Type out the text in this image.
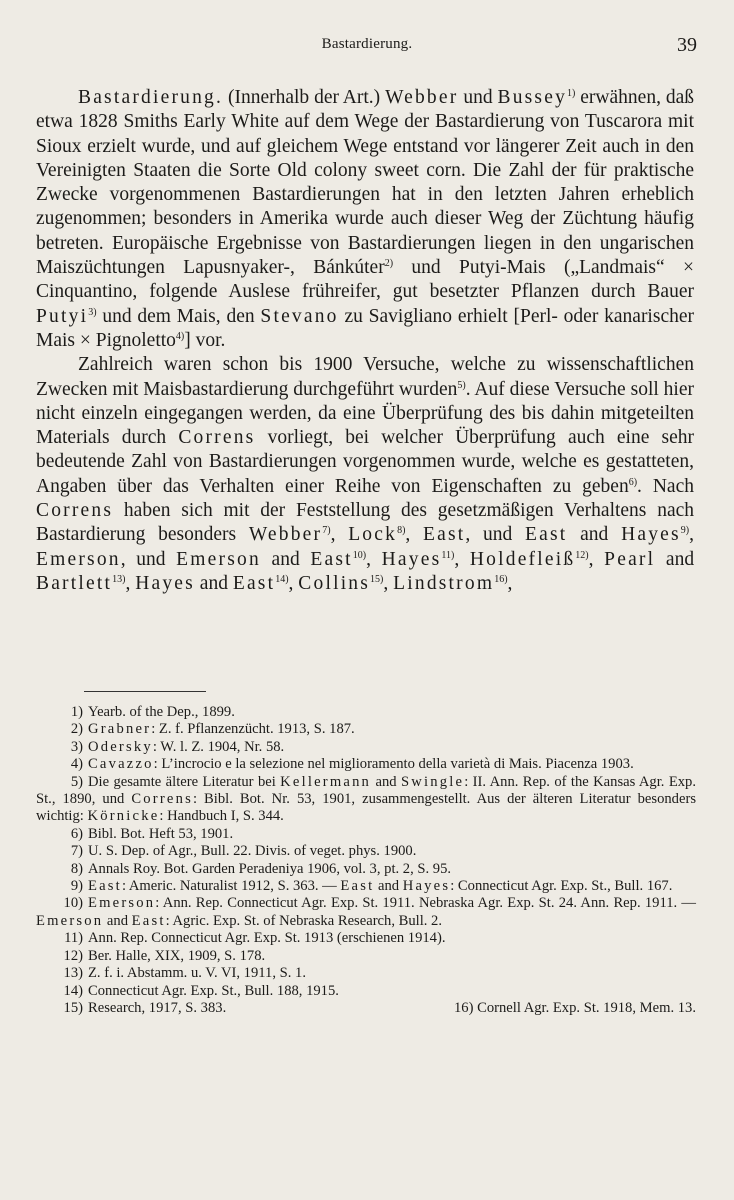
Bastardierung.	39

Bastardierung. (Innerhalb der Art.) Webber und Bussey$^{1)}$ erwähnen, daß etwa 1828 Smiths Early White auf dem Wege der Bastardierung von Tuscarora mit Sioux erzielt wurde, und auf gleichem Wege entstand vor längerer Zeit auch in den Vereinigten Staaten die Sorte Old colony sweet corn. Die Zahl der für praktische Zwecke vorgenommenen Bastardierungen hat in den letzten Jahren erheblich zugenommen; besonders in Amerika wurde auch dieser Weg der Züchtung häufig betreten. Europäische Ergebnisse von Bastardierungen liegen in den ungarischen Maiszüchtungen Lapusnyaker-, Bánkúter$^{2)}$ und Putyi-Mais („Landmais“ × Cinquantino, folgende Auslese frühreifer, gut besetzter Pflanzen durch Bauer Putyi$^{3)}$ und dem Mais, den Stevano zu Savigliano erhielt [Perl- oder kanarischer Mais × Pignoletto$^{4)}$] vor.

Zahlreich waren schon bis 1900 Versuche, welche zu wissenschaftlichen Zwecken mit Maisbastardierung durchgeführt wurden$^{5)}$. Auf diese Versuche soll hier nicht einzeln eingegangen werden, da eine Überprüfung des bis dahin mitgeteilten Materials durch Correns vorliegt, bei welcher Überprüfung auch eine sehr bedeutende Zahl von Bastardierungen vorgenommen wurde, welche es gestatteten, Angaben über das Verhalten einer Reihe von Eigenschaften zu geben$^{6)}$. Nach Correns haben sich mit der Feststellung des gesetzmäßigen Verhaltens nach Bastardierung besonders Webber$^{7)}$, Lock$^{8)}$, East, und East and Hayes$^{9)}$, Emerson, und Emerson and East$^{10)}$, Hayes$^{11)}$, Holdefleiß$^{12)}$, Pearl and Bartlett$^{13)}$, Hayes and East$^{14)}$, Collins$^{15)}$, Lindstrom$^{16)}$,

1) Yearb. of the Dep., 1899.

2) Grabner: Z. f. Pflanzenzücht. 1913, S. 187.

3) Odersky: W. l. Z. 1904, Nr. 58.

4) Cavazzo: L’incrocio e la selezione nel miglioramento della varietà di Mais. Piacenza 1903.

5) Die gesamte ältere Literatur bei Kellermann and Swingle: II. Ann. Rep. of the Kansas Agr. Exp. St., 1890, und Correns: Bibl. Bot. Nr. 53, 1901, zusammengestellt. Aus der älteren Literatur besonders wichtig: Körnicke: Handbuch I, S. 344.

6) Bibl. Bot. Heft 53, 1901.

7) U. S. Dep. of Agr., Bull. 22. Divis. of veget. phys. 1900.

8) Annals Roy. Bot. Garden Peradeniya 1906, vol. 3, pt. 2, S. 95.

9) East: Americ. Naturalist 1912, S. 363. — East and Hayes: Connecticut Agr. Exp. St., Bull. 167.

10) Emerson: Ann. Rep. Connecticut Agr. Exp. St. 1911. Nebraska Agr. Exp. St. 24. Ann. Rep. 1911. — Emerson and East: Agric. Exp. St. of Nebraska Research, Bull. 2.

11) Ann. Rep. Connecticut Agr. Exp. St. 1913 (erschienen 1914).

12) Ber. Halle, XIX, 1909, S. 178.

13) Z. f. i. Abstamm. u. V. VI, 1911, S. 1.

14) Connecticut Agr. Exp. St., Bull. 188, 1915.

15) Research, 1917, S. 383.	16) Cornell Agr. Exp. St. 1918, Mem. 13.
